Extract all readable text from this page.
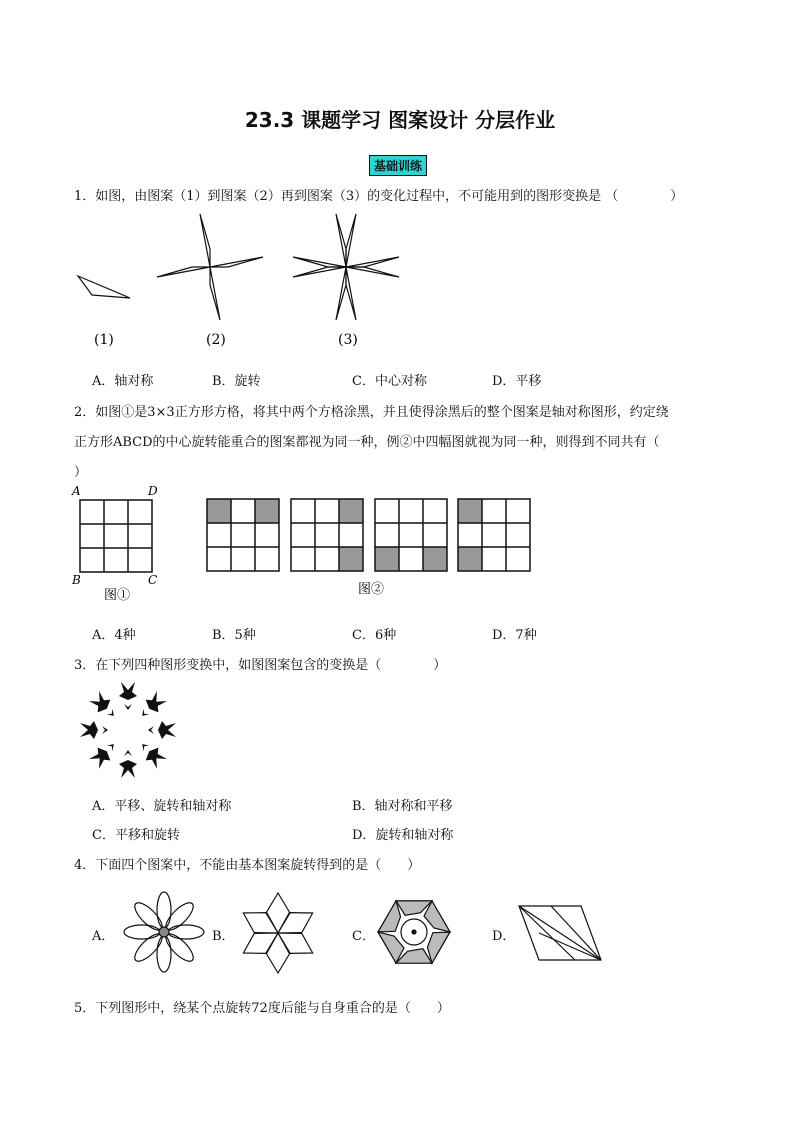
23.3 课题学习 图案设计 分层作业
基础训练
1．如图，由图案（1）到图案（2）再到图案（3）的变化过程中，不可能用到的图形变换是 （　　　　）
(1)	(2)	(3)
A．轴对称	B．旋转	C．中心对称	D．平移
2．如图①是3×3正方形方格，将其中两个方格涂黑，并且使得涂黑后的整个图案是轴对称图形，约定绕
正方形ABCD的中心旋转能重合的图案都视为同一种，例②中四幅图就视为同一种，则得到不同共有（
）
A	D
B	C
图①	图②
A．4种	B．5种	C．6种	D．7种
3．在下列四种图形变换中，如图图案包含的变换是（　　　　）
A．平移、旋转和轴对称	B．轴对称和平移
C．平移和旋转	D．旋转和轴对称
4．下面四个图案中，不能由基本图案旋转得到的是（　　）
A．	B．	C．	D．
5．下列图形中，绕某个点旋转72度后能与自身重合的是（　　）
